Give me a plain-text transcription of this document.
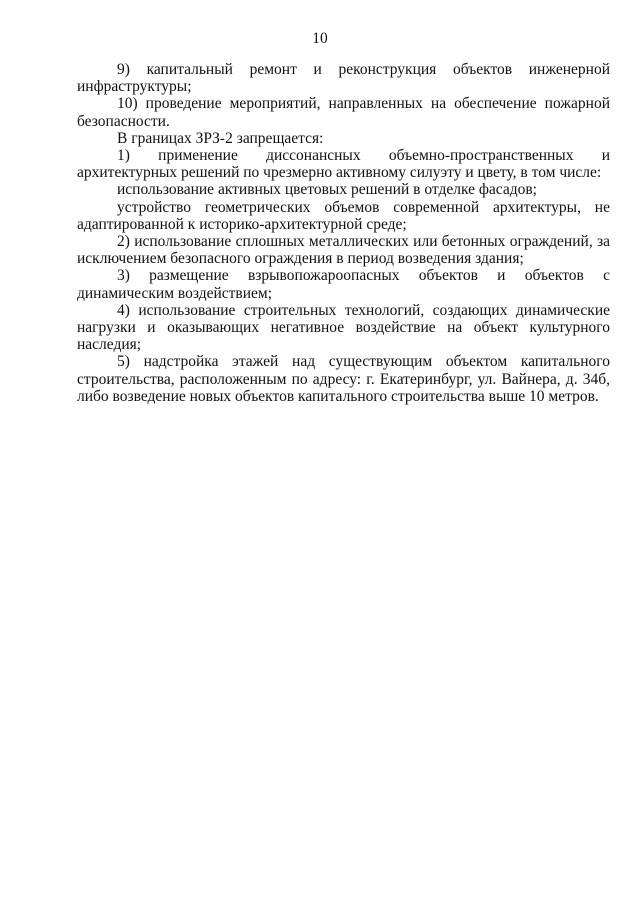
10

9) капитальный ремонт и реконструкция объектов инженерной инфраструктуры;

10) проведение мероприятий, направленных на обеспечение пожарной безопасности.

В границах ЗРЗ-2 запрещается:

1) применение диссонансных объемно-пространственных и архитектурных решений по чрезмерно активному силуэту и цвету, в том числе:

использование активных цветовых решений в отделке фасадов;

устройство геометрических объемов современной архитектуры, не адаптированной к историко-архитектурной среде;

2) использование сплошных металлических или бетонных ограждений, за исключением безопасного ограждения в период возведения здания;

3) размещение взрывопожароопасных объектов и объектов с динамическим воздействием;

4) использование строительных технологий, создающих динамические нагрузки и оказывающих негативное воздействие на объект культурного наследия;

5) надстройка этажей над существующим объектом капитального строительства, расположенным по адресу: г. Екатеринбург, ул. Вайнера, д. 34б, либо возведение новых объектов капитального строительства выше 10 метров.
